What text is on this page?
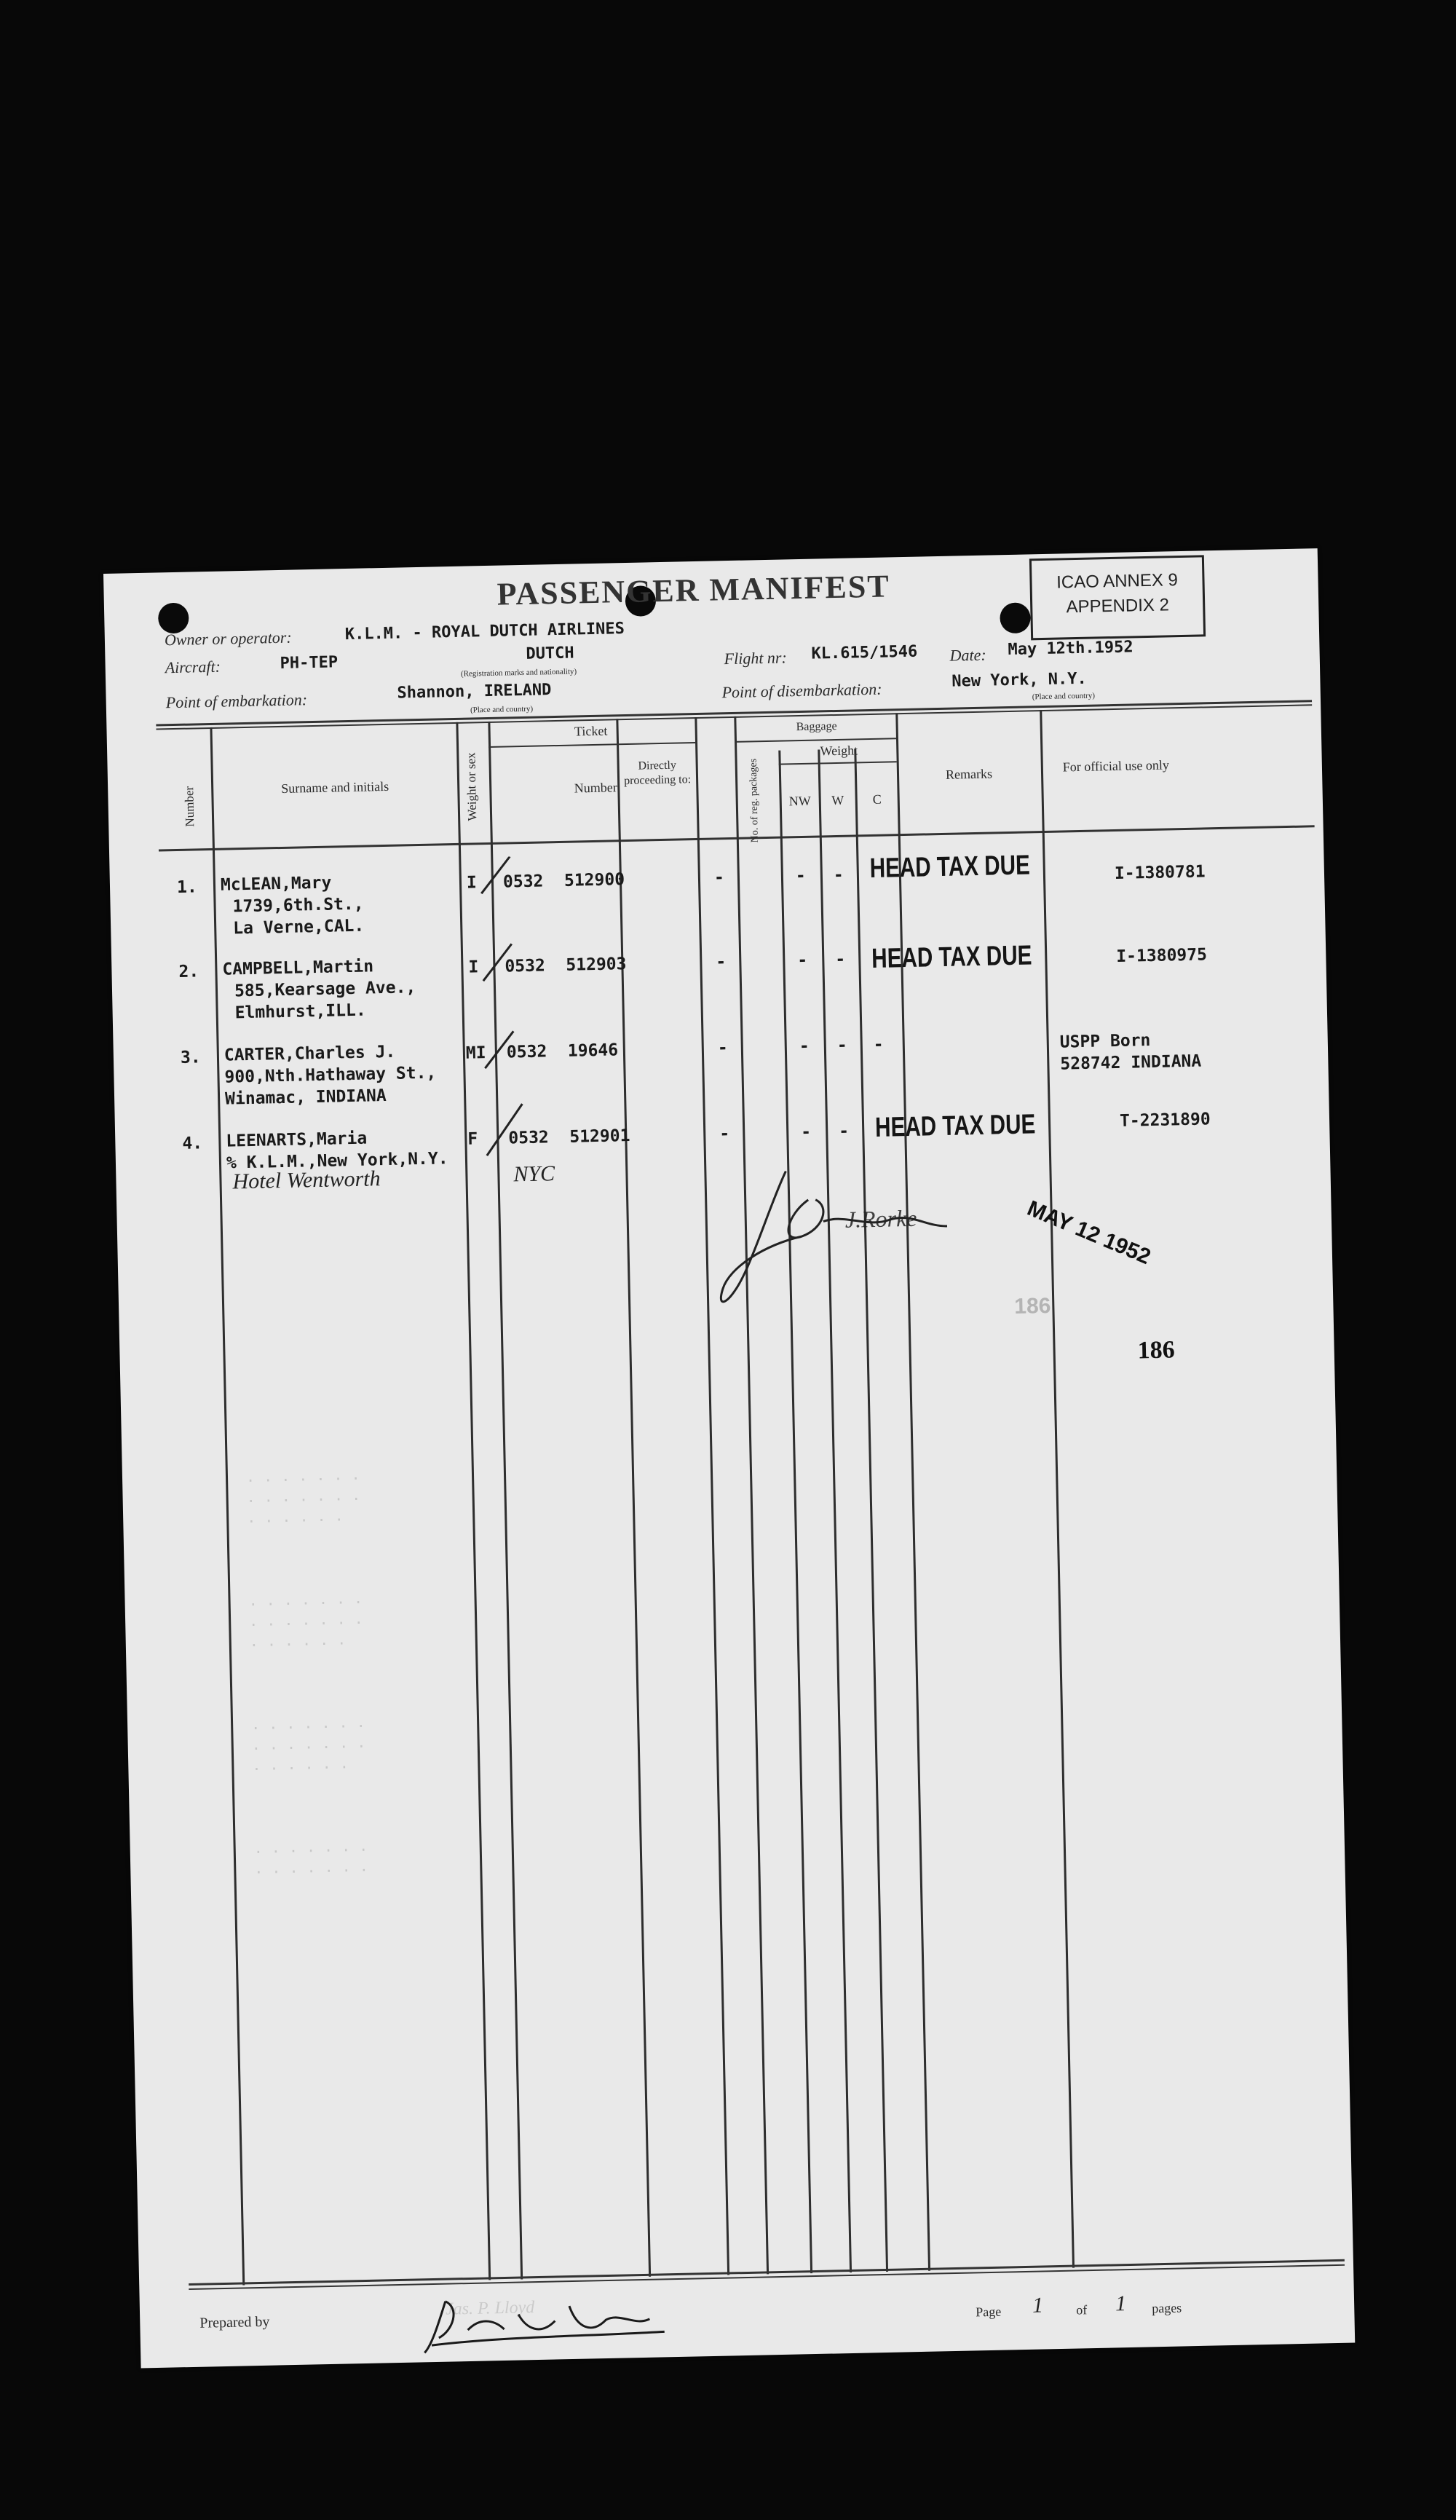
PASSENGER MANIFEST	ICAO ANNEX 9
APPENDIX 2
Owner or operator:	K.L.M. - ROYAL DUTCH AIRLINES
Aircraft:	PH-TEP	DUTCH
(Registration marks and nationality)
Flight nr: KL.615/1546 Date: May 12th.1952
Point of embarkation:	Shannon, IRELAND
(Place and country)
Point of disembarkation:	New York, N.Y.
(Place and country)
Number	Surname and initials	Weight or sex
Ticket
Number
Directly proceeding to:
Baggage
No. of reg. packages
Weight
NW	W	C
Remarks	For official use only
1. McLEAN,Mary
1739,6th.St.,
La Verne,CAL.
I 0532 512900	-	- - HEAD TAX DUE	I-1380781
2. CAMPBELL,Martin
585,Kearsage Ave.,
Elmhurst,ILL.
I 0532 512903	-	- - HEAD TAX DUE	I-1380975
3. CARTER,Charles J.
900,Nth.Hathaway St.,
Winamac, INDIANA
MI 0532 19646	-	- - -	USPP Born
528742 INDIANA
4. LEENARTS,Maria
% K.L.M.,New York,N.Y.
Hotel Wentworth
F 0532 512901
NYC
-	- - HEAD TAX DUE	T-2231890
J.Rorke	MAY 12 1952
186
186
. . . . . . .
. . . . . . .
. . . . . .
. . . . . . .
. . . . . . .
. . . . . .
. . . . . . .
. . . . . . .
. . . . . .
. . . . . . .
. . . . . . .
Prepared by
Jas. P. Lloyd	Page 1 of 1 pages
